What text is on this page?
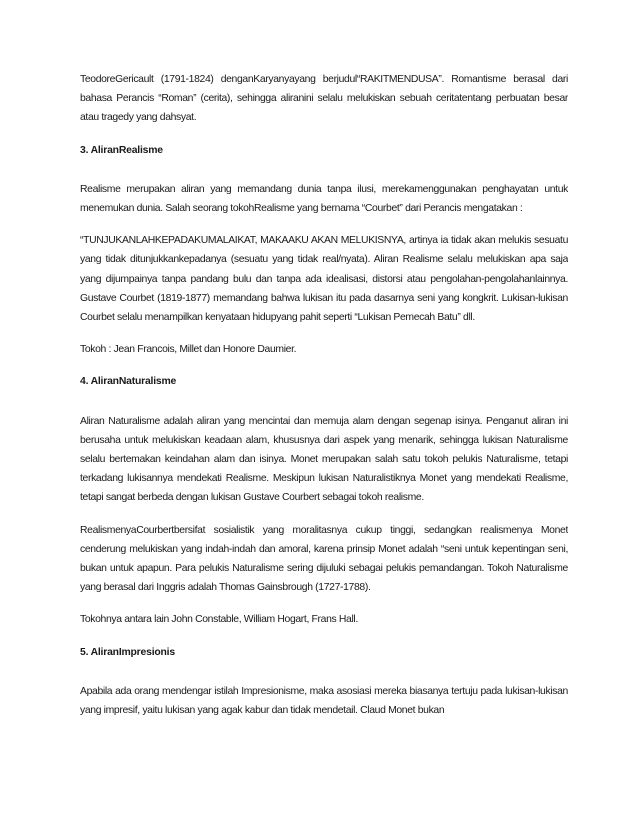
TeodoreGericault (1791-1824) denganKaryanyayang berjudul“RAKITMENDUSA”. Romantisme berasal dari bahasa Perancis “Roman” (cerita), sehingga aliranini selalu melukiskan sebuah ceritatentang perbuatan besar atau tragedy yang dahsyat.

3. AliranRealisme

Realisme merupakan aliran yang memandang dunia tanpa ilusi, merekamenggunakan penghayatan untuk menemukan dunia. Salah seorang tokohRealisme yang bernama “Courbet” dari Perancis mengatakan :

“TUNJUKANLAHKEPADAKUMALAIKAT, MAKAAKU AKAN MELUKISNYA, artinya ia tidak akan melukis sesuatu yang tidak ditunjukkankepadanya (sesuatu yang tidak real/nyata). Aliran Realisme selalu melukiskan apa saja yang dijumpainya tanpa pandang bulu dan tanpa ada idealisasi, distorsi atau pengolahan-pengolahanlainnya. Gustave Courbet (1819-1877) memandang bahwa lukisan itu pada dasarnya seni yang kongkrit. Lukisan-lukisan Courbet selalu menampilkan kenyataan hidupyang pahit seperti “Lukisan Pemecah Batu” dll.

Tokoh : Jean Francois, Millet dan Honore Daumier.

4. AliranNaturalisme

Aliran Naturalisme adalah aliran yang mencintai dan memuja alam dengan segenap isinya. Penganut aliran ini berusaha untuk melukiskan keadaan alam, khususnya dari aspek yang menarik, sehingga lukisan Naturalisme selalu bertemakan keindahan alam dan isinya. Monet merupakan salah satu tokoh pelukis Naturalisme, tetapi terkadang lukisannya mendekati Realisme. Meskipun lukisan Naturalistiknya Monet yang mendekati Realisme, tetapi sangat berbeda dengan lukisan Gustave Courbert sebagai tokoh realisme.

RealismenyaCourbertbersifat sosialistik yang moralitasnya cukup tinggi, sedangkan realismenya Monet cenderung melukiskan yang indah-indah dan amoral, karena prinsip Monet adalah “seni untuk kepentingan seni, bukan untuk apapun. Para pelukis Naturalisme sering dijuluki sebagai pelukis pemandangan. Tokoh Naturalisme yang berasal dari Inggris adalah Thomas Gainsbrough (1727-1788).

Tokohnya antara lain John Constable, William Hogart, Frans Hall.

5. AliranImpresionis

Apabila ada orang mendengar istilah Impresionisme, maka asosiasi mereka biasanya tertuju pada lukisan-lukisan yang impresif, yaitu lukisan yang agak kabur dan tidak mendetail. Claud Monet bukan
